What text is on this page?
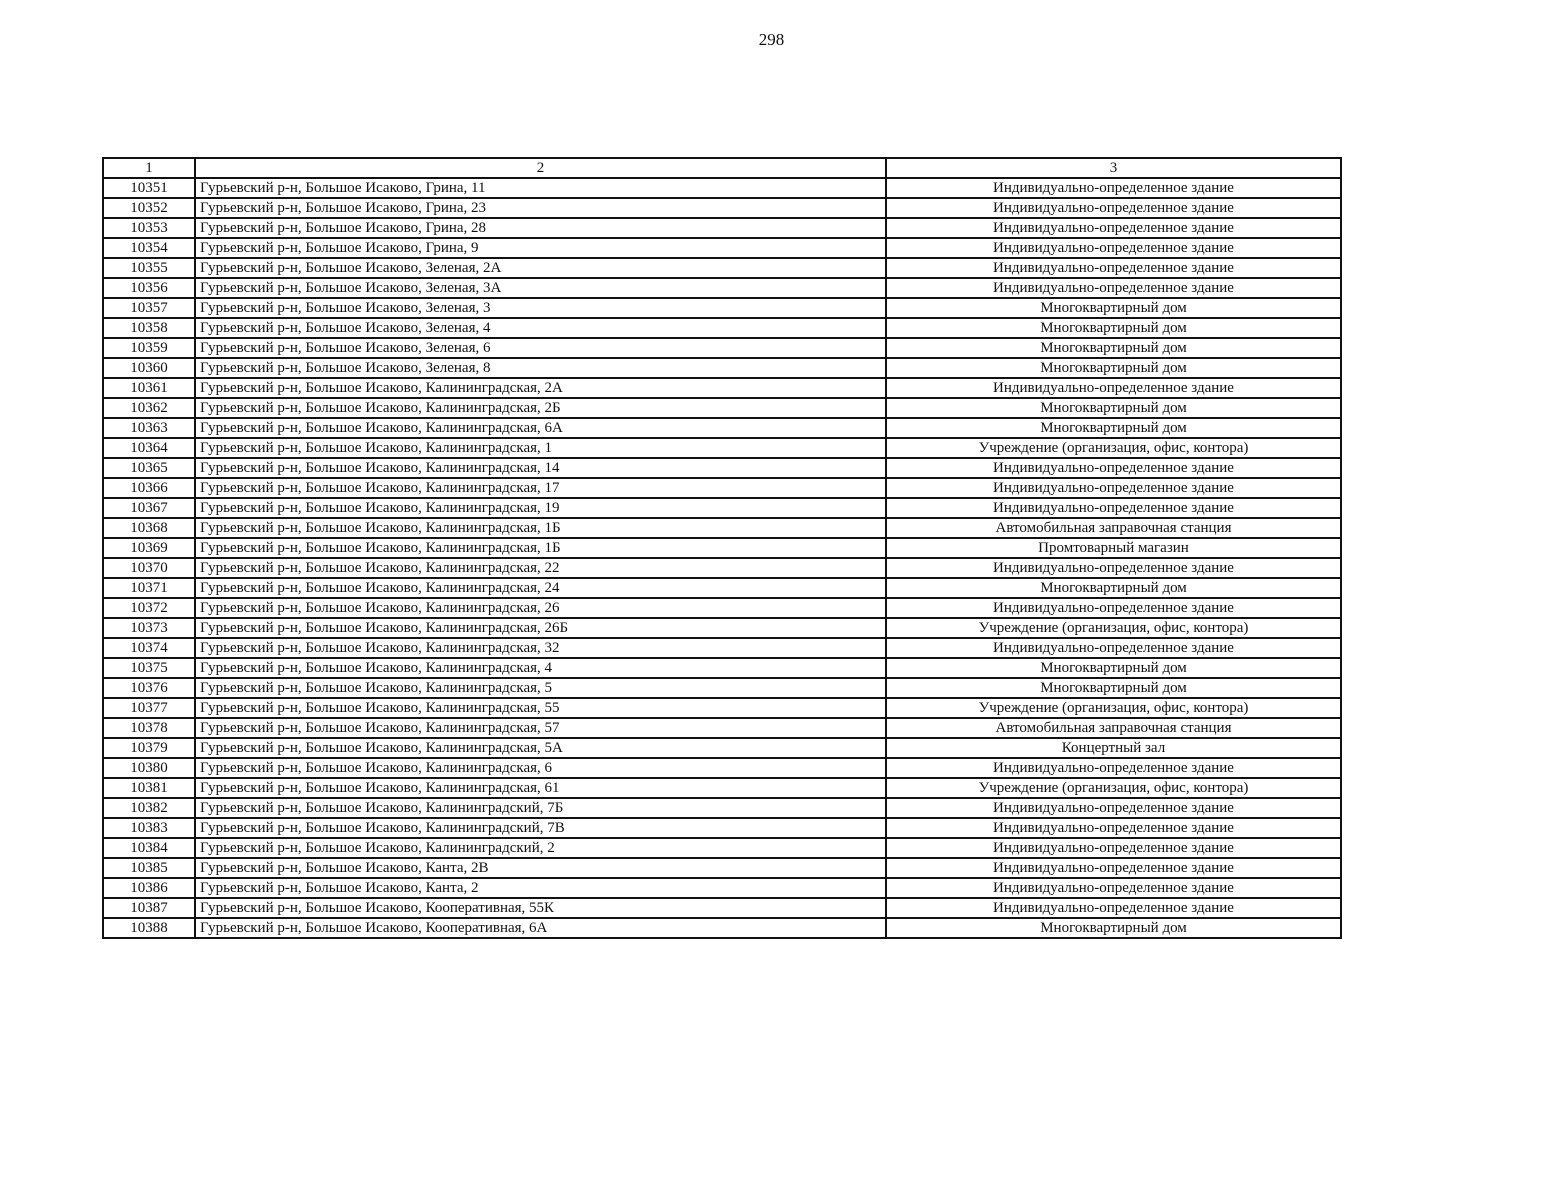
298
1	2	3
10351	Гурьевский р-н, Большое Исаково, Грина, 11	Индивидуально-определенное здание
10352	Гурьевский р-н, Большое Исаково, Грина, 23	Индивидуально-определенное здание
10353	Гурьевский р-н, Большое Исаково, Грина, 28	Индивидуально-определенное здание
10354	Гурьевский р-н, Большое Исаково, Грина, 9	Индивидуально-определенное здание
10355	Гурьевский р-н, Большое Исаково, Зеленая, 2А	Индивидуально-определенное здание
10356	Гурьевский р-н, Большое Исаково, Зеленая, 3А	Индивидуально-определенное здание
10357	Гурьевский р-н, Большое Исаково, Зеленая, 3	Многоквартирный дом
10358	Гурьевский р-н, Большое Исаково, Зеленая, 4	Многоквартирный дом
10359	Гурьевский р-н, Большое Исаково, Зеленая, 6	Многоквартирный дом
10360	Гурьевский р-н, Большое Исаково, Зеленая, 8	Многоквартирный дом
10361	Гурьевский р-н, Большое Исаково, Калининградская, 2А	Индивидуально-определенное здание
10362	Гурьевский р-н, Большое Исаково, Калининградская, 2Б	Многоквартирный дом
10363	Гурьевский р-н, Большое Исаково, Калининградская, 6А	Многоквартирный дом
10364	Гурьевский р-н, Большое Исаково, Калининградская, 1	Учреждение (организация, офис, контора)
10365	Гурьевский р-н, Большое Исаково, Калининградская, 14	Индивидуально-определенное здание
10366	Гурьевский р-н, Большое Исаково, Калининградская, 17	Индивидуально-определенное здание
10367	Гурьевский р-н, Большое Исаково, Калининградская, 19	Индивидуально-определенное здание
10368	Гурьевский р-н, Большое Исаково, Калининградская, 1Б	Автомобильная заправочная станция
10369	Гурьевский р-н, Большое Исаково, Калининградская, 1Б	Промтоварный магазин
10370	Гурьевский р-н, Большое Исаково, Калининградская, 22	Индивидуально-определенное здание
10371	Гурьевский р-н, Большое Исаково, Калининградская, 24	Многоквартирный дом
10372	Гурьевский р-н, Большое Исаково, Калининградская, 26	Индивидуально-определенное здание
10373	Гурьевский р-н, Большое Исаково, Калининградская, 26Б	Учреждение (организация, офис, контора)
10374	Гурьевский р-н, Большое Исаково, Калининградская, 32	Индивидуально-определенное здание
10375	Гурьевский р-н, Большое Исаково, Калининградская, 4	Многоквартирный дом
10376	Гурьевский р-н, Большое Исаково, Калининградская, 5	Многоквартирный дом
10377	Гурьевский р-н, Большое Исаково, Калининградская, 55	Учреждение (организация, офис, контора)
10378	Гурьевский р-н, Большое Исаково, Калининградская, 57	Автомобильная заправочная станция
10379	Гурьевский р-н, Большое Исаково, Калининградская, 5А	Концертный зал
10380	Гурьевский р-н, Большое Исаково, Калининградская, 6	Индивидуально-определенное здание
10381	Гурьевский р-н, Большое Исаково, Калининградская, 61	Учреждение (организация, офис, контора)
10382	Гурьевский р-н, Большое Исаково, Калининградский, 7Б	Индивидуально-определенное здание
10383	Гурьевский р-н, Большое Исаково, Калининградский, 7В	Индивидуально-определенное здание
10384	Гурьевский р-н, Большое Исаково, Калининградский, 2	Индивидуально-определенное здание
10385	Гурьевский р-н, Большое Исаково, Канта, 2В	Индивидуально-определенное здание
10386	Гурьевский р-н, Большое Исаково, Канта, 2	Индивидуально-определенное здание
10387	Гурьевский р-н, Большое Исаково, Кооперативная, 55К	Индивидуально-определенное здание
10388	Гурьевский р-н, Большое Исаково, Кооперативная, 6А	Многоквартирный дом
